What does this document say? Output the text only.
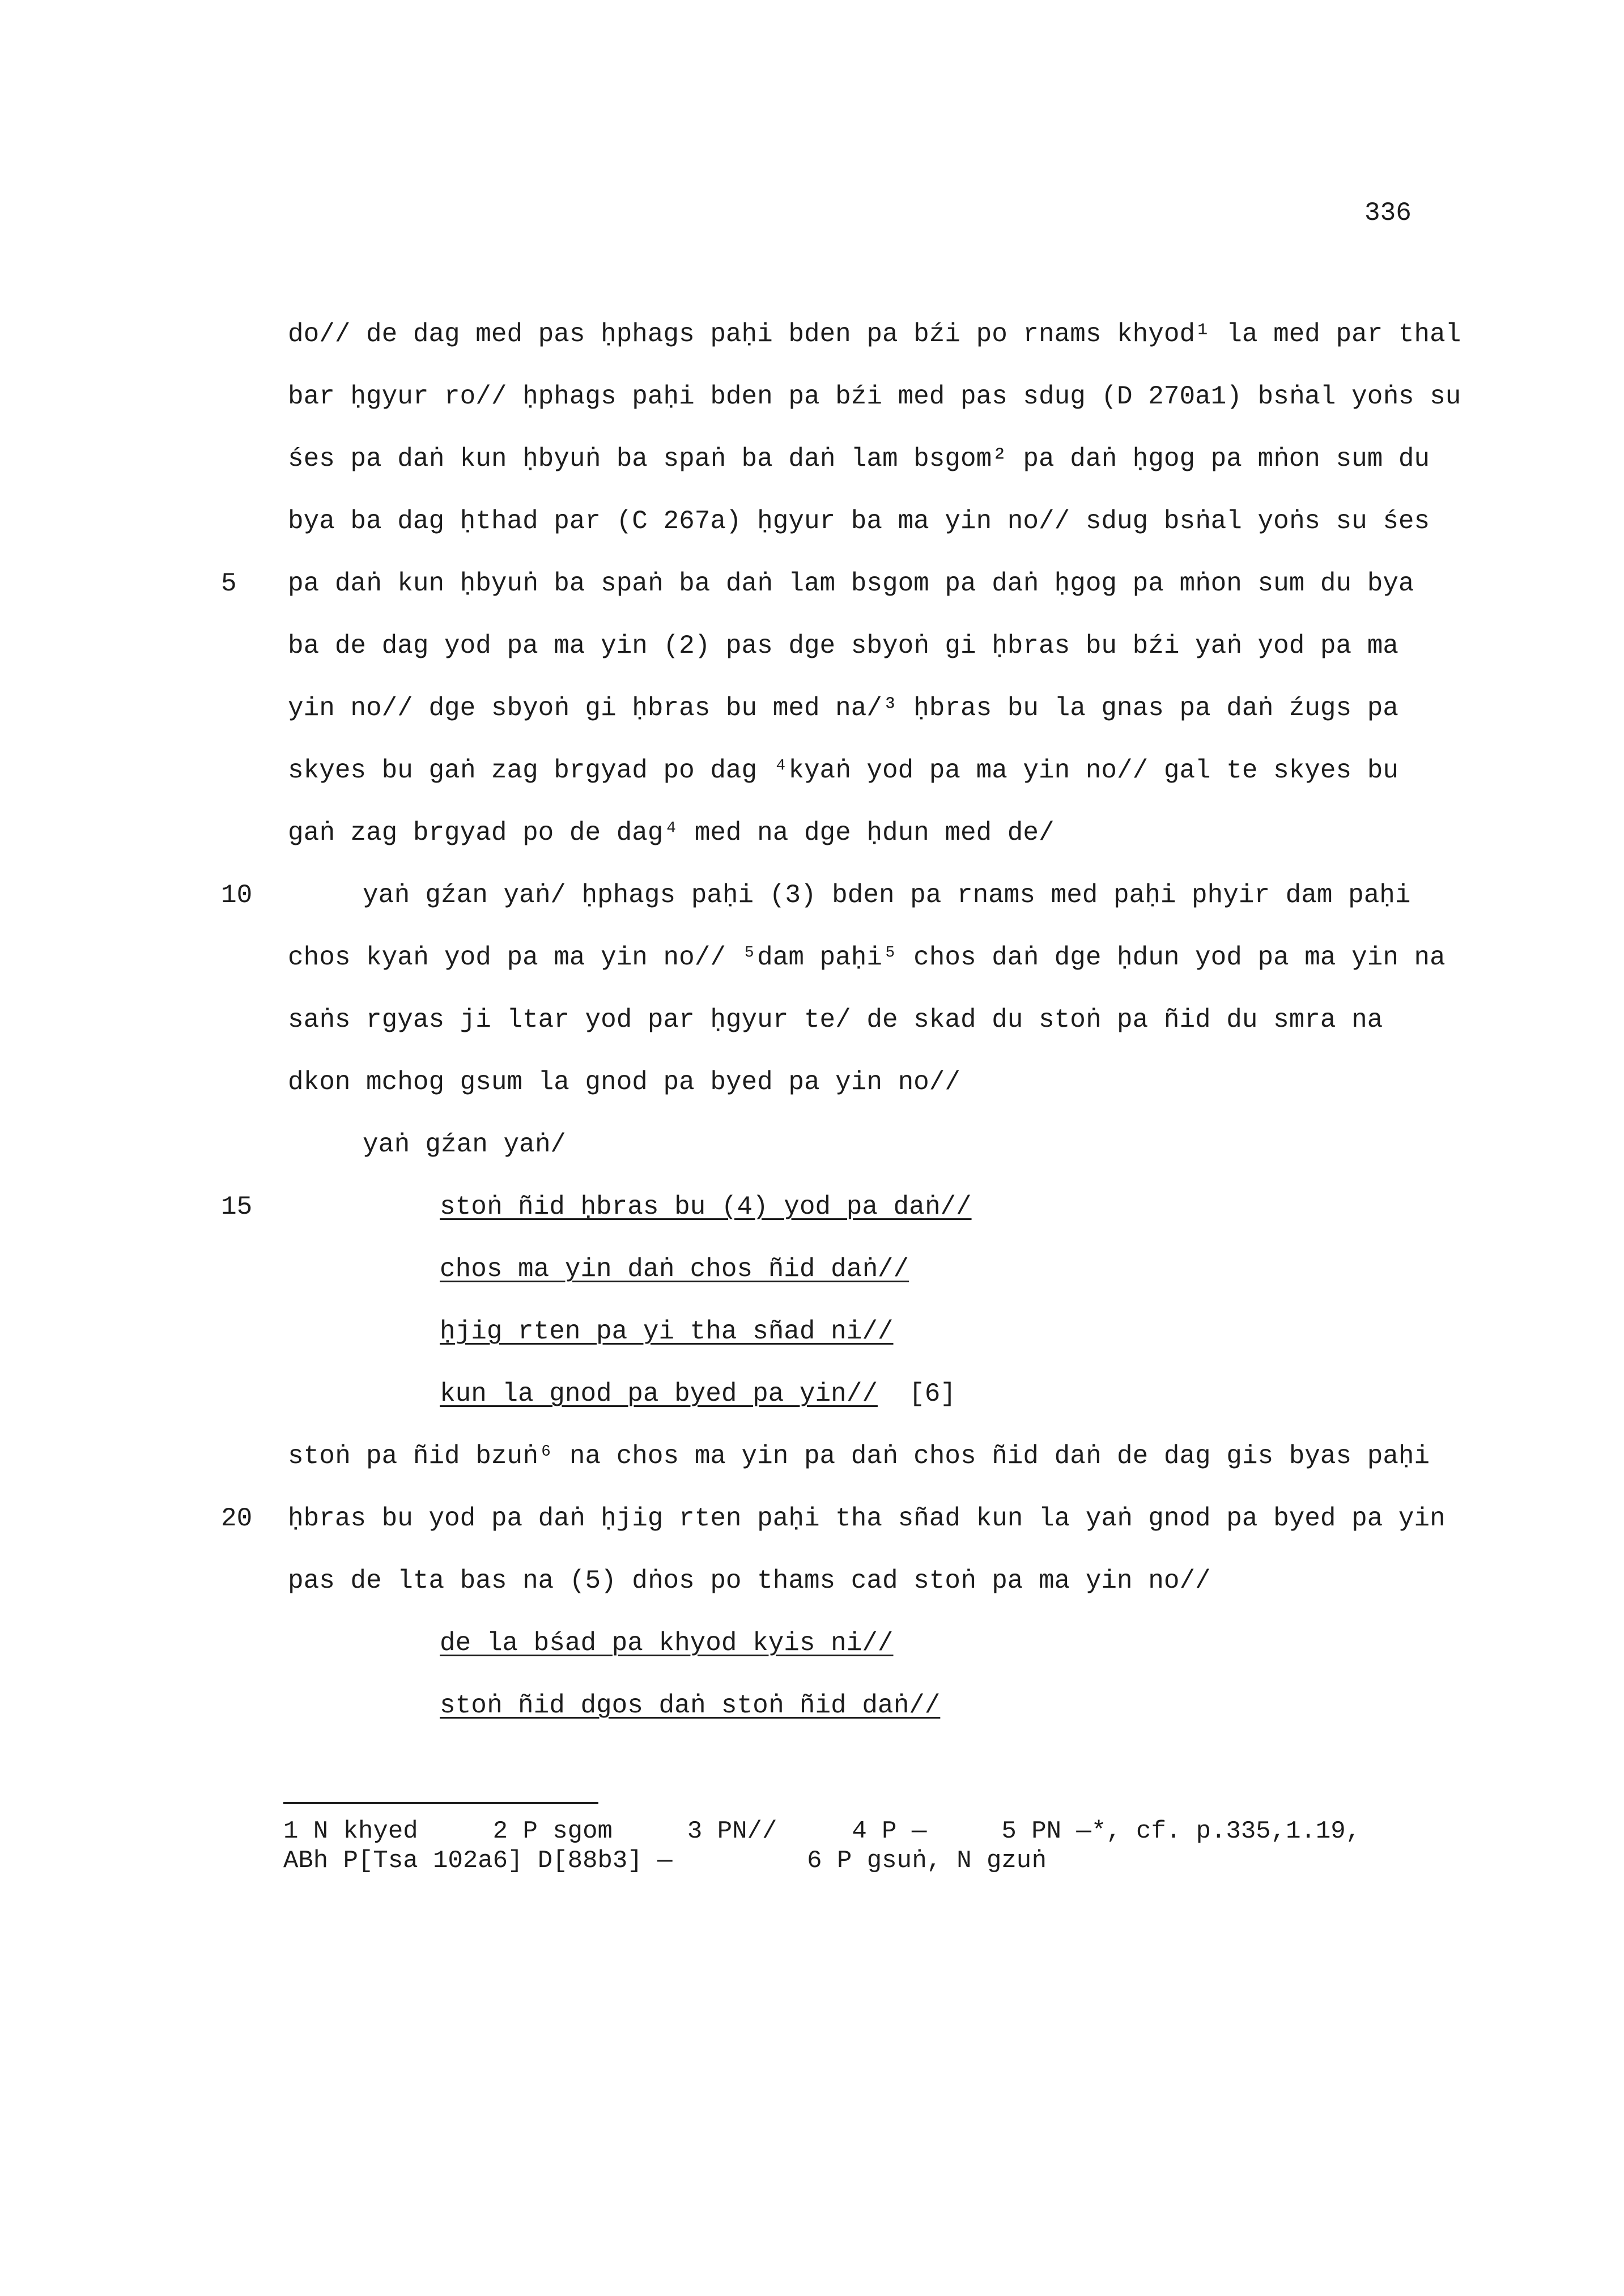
336
do// de dag med pas ḥphags paḥi bden pa bźi po rnams khyod¹ la med par thal
bar ḥgyur ro// ḥphags paḥi bden pa bźi med pas sdug (D 270a1) bsṅal yoṅs su
śes pa daṅ kun ḥbyuṅ ba spaṅ ba daṅ lam bsgom² pa daṅ ḥgog pa mṅon sum du
bya ba dag ḥthad par (C 267a) ḥgyur ba ma yin no// sdug bsṅal yoṅs su śes
5 pa daṅ kun ḥbyuṅ ba spaṅ ba daṅ lam bsgom pa daṅ ḥgog pa mṅon sum du bya
ba de dag yod pa ma yin (2) pas dge sbyoṅ gi ḥbras bu bźi yaṅ yod pa ma
yin no// dge sbyoṅ gi ḥbras bu med na/³ ḥbras bu la gnas pa daṅ źugs pa
skyes bu gaṅ zag brgyad po dag ⁴kyaṅ yod pa ma yin no// gal te skyes bu
gaṅ zag brgyad po de dag⁴ med na dge ḥdun med de/
10	yaṅ gźan yaṅ/ ḥphags paḥi (3) bden pa rnams med paḥi phyir dam paḥi
chos kyaṅ yod pa ma yin no// ⁵dam paḥi⁵ chos daṅ dge ḥdun yod pa ma yin na
saṅs rgyas ji ltar yod par ḥgyur te/ de skad du stoṅ pa ñid du smra na
dkon mchog gsum la gnod pa byed pa yin no//
yaṅ gźan yaṅ/
15	stoṅ ñid ḥbras bu (4) yod pa daṅ//
chos ma yin daṅ chos ñid daṅ//
ḥjig rten pa yi tha sñad ni//
kun la gnod pa byed pa yin//  [6]
stoṅ pa ñid bzuṅ⁶ na chos ma yin pa daṅ chos ñid daṅ de dag gis byas paḥi
20 ḥbras bu yod pa daṅ ḥjig rten paḥi tha sñad kun la yaṅ gnod pa byed pa yin
pas de lta bas na (5) dṅos po thams cad stoṅ pa ma yin no//
de la bśad pa khyod kyis ni//
stoṅ ñid dgos daṅ stoṅ ñid daṅ//
1 N khyed     2 P sgom     3 PN//     4 P —     5 PN —*, cf. p.335,1.19,
ABh P[Tsa 102a6] D[88b3] —         6 P gsuṅ, N gzuṅ
